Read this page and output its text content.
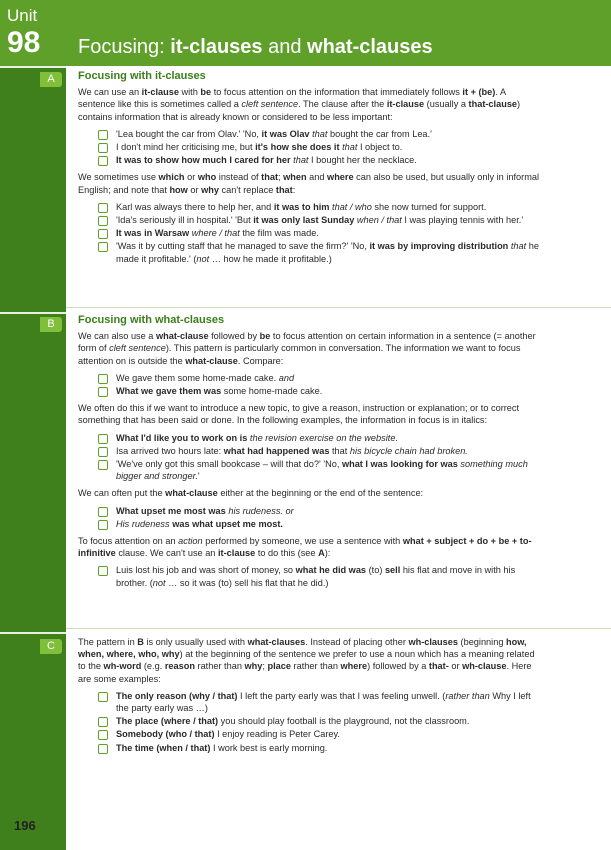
Unit
98 Focusing: it-clauses and what-clauses
A	Focusing with it-clauses

We can use an it-clause with be to focus attention on the information that immediately follows it + (be). A sentence like this is sometimes called a cleft sentence. The clause after the it-clause (usually a that-clause) contains information that is already known or considered to be less important:

'Lea bought the car from Olav.' 'No, it was Olav that bought the car from Lea.'
I don't mind her criticising me, but it's how she does it that I object to.
It was to show how much I cared for her that I bought her the necklace.

We sometimes use which or who instead of that; when and where can also be used, but usually only in informal English; and note that how or why can't replace that:

Karl was always there to help her, and it was to him that / who she now turned for support.
'Ida's seriously ill in hospital.' 'But it was only last Sunday when / that I was playing tennis with her.'
It was in Warsaw where / that the film was made.
'Was it by cutting staff that he managed to save the firm?' 'No, it was by improving distribution that he made it profitable.' (not … how he made it profitable.)
B	Focusing with what-clauses

We can also use a what-clause followed by be to focus attention on certain information in a sentence (= another form of cleft sentence). This pattern is particularly common in conversation. The information we want to focus attention on is outside the what-clause. Compare:

We gave them some home-made cake. and
What we gave them was some home-made cake.

We often do this if we want to introduce a new topic, to give a reason, instruction or explanation; or to correct something that has been said or done. In the following examples, the information in focus is in italics:

What I'd like you to work on is the revision exercise on the website.
Isa arrived two hours late: what had happened was that his bicycle chain had broken.
'We've only got this small bookcase – will that do?' 'No, what I was looking for was something much bigger and stronger.'

We can often put the what-clause either at the beginning or the end of the sentence:

What upset me most was his rudeness. or
His rudeness was what upset me most.

To focus attention on an action performed by someone, we use a sentence with what + subject + do + be + to-infinitive clause. We can't use an it-clause to do this (see A):

Luis lost his job and was short of money, so what he did was (to) sell his flat and move in with his brother. (not … so it was (to) sell his flat that he did.)
C	The pattern in B is only usually used with what-clauses. Instead of placing other wh-clauses (beginning how, when, where, who, why) at the beginning of the sentence we prefer to use a noun which has a meaning related to the wh-word (e.g. reason rather than why; place rather than where) followed by a that- or wh-clause. Here are some examples:

The only reason (why / that) I left the party early was that I was feeling unwell. (rather than Why I left the party early was …)
The place (where / that) you should play football is the playground, not the classroom.
Somebody (who / that) I enjoy reading is Peter Carey.
The time (when / that) I work best is early morning.
196
